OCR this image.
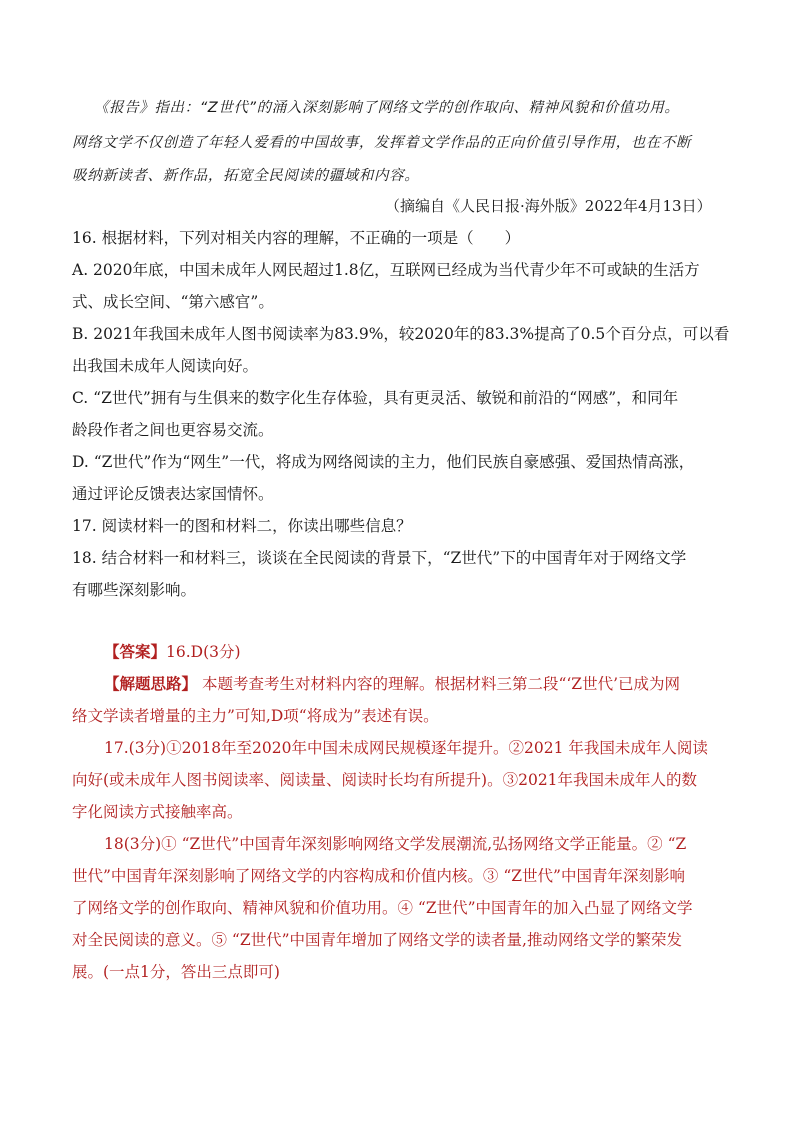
《报告》指出：“Z世代”的涌入深刻影响了网络文学的创作取向、精神风貌和价值功用。
网络文学不仅创造了年轻人爱看的中国故事，发挥着文学作品的正向价值引导作用，也在不断
吸纳新读者、新作品，拓宽全民阅读的疆域和内容。
（摘编自《人民日报·海外版》2022年4月13日）
16. 根据材料，下列对相关内容的理解，不正确的一项是（　　）
A. 2020年底，中国未成年人网民超过1.8亿，互联网已经成为当代青少年不可或缺的生活方
式、成长空间、“第六感官”。
B. 2021年我国未成年人图书阅读率为83.9%，较2020年的83.3%提高了0.5个百分点，可以看
出我国未成年人阅读向好。
C. “Z世代”拥有与生俱来的数字化生存体验，具有更灵活、敏锐和前沿的“网感”，和同年
龄段作者之间也更容易交流。
D. “Z世代”作为“网生”一代，将成为网络阅读的主力，他们民族自豪感强、爱国热情高涨，
通过评论反馈表达家国情怀。
17. 阅读材料一的图和材料二，你读出哪些信息？
18. 结合材料一和材料三，谈谈在全民阅读的背景下，“Z世代”下的中国青年对于网络文学
有哪些深刻影响。
【答案】16.D(3分)
【解题思路】 本题考查考生对材料内容的理解。根据材料三第二段“‘Z世代’已成为网
络文学读者增量的主力”可知,D项“将成为”表述有误。
17.(3分)①2018年至2020年中国未成网民规模逐年提升。②2021 年我国未成年人阅读
向好(或未成年人图书阅读率、阅读量、阅读时长均有所提升)。③2021年我国未成年人的数
字化阅读方式接触率高。
18(3分)① “Z世代”中国青年深刻影响网络文学发展潮流,弘扬网络文学正能量。② “Z
世代”中国青年深刻影响了网络文学的内容构成和价值内核。③ “Z世代”中国青年深刻影响
了网络文学的创作取向、精神风貌和价值功用。④ “Z世代”中国青年的加入凸显了网络文学
对全民阅读的意义。⑤ “Z世代”中国青年增加了网络文学的读者量,推动网络文学的繁荣发
展。(一点1分，答出三点即可)
